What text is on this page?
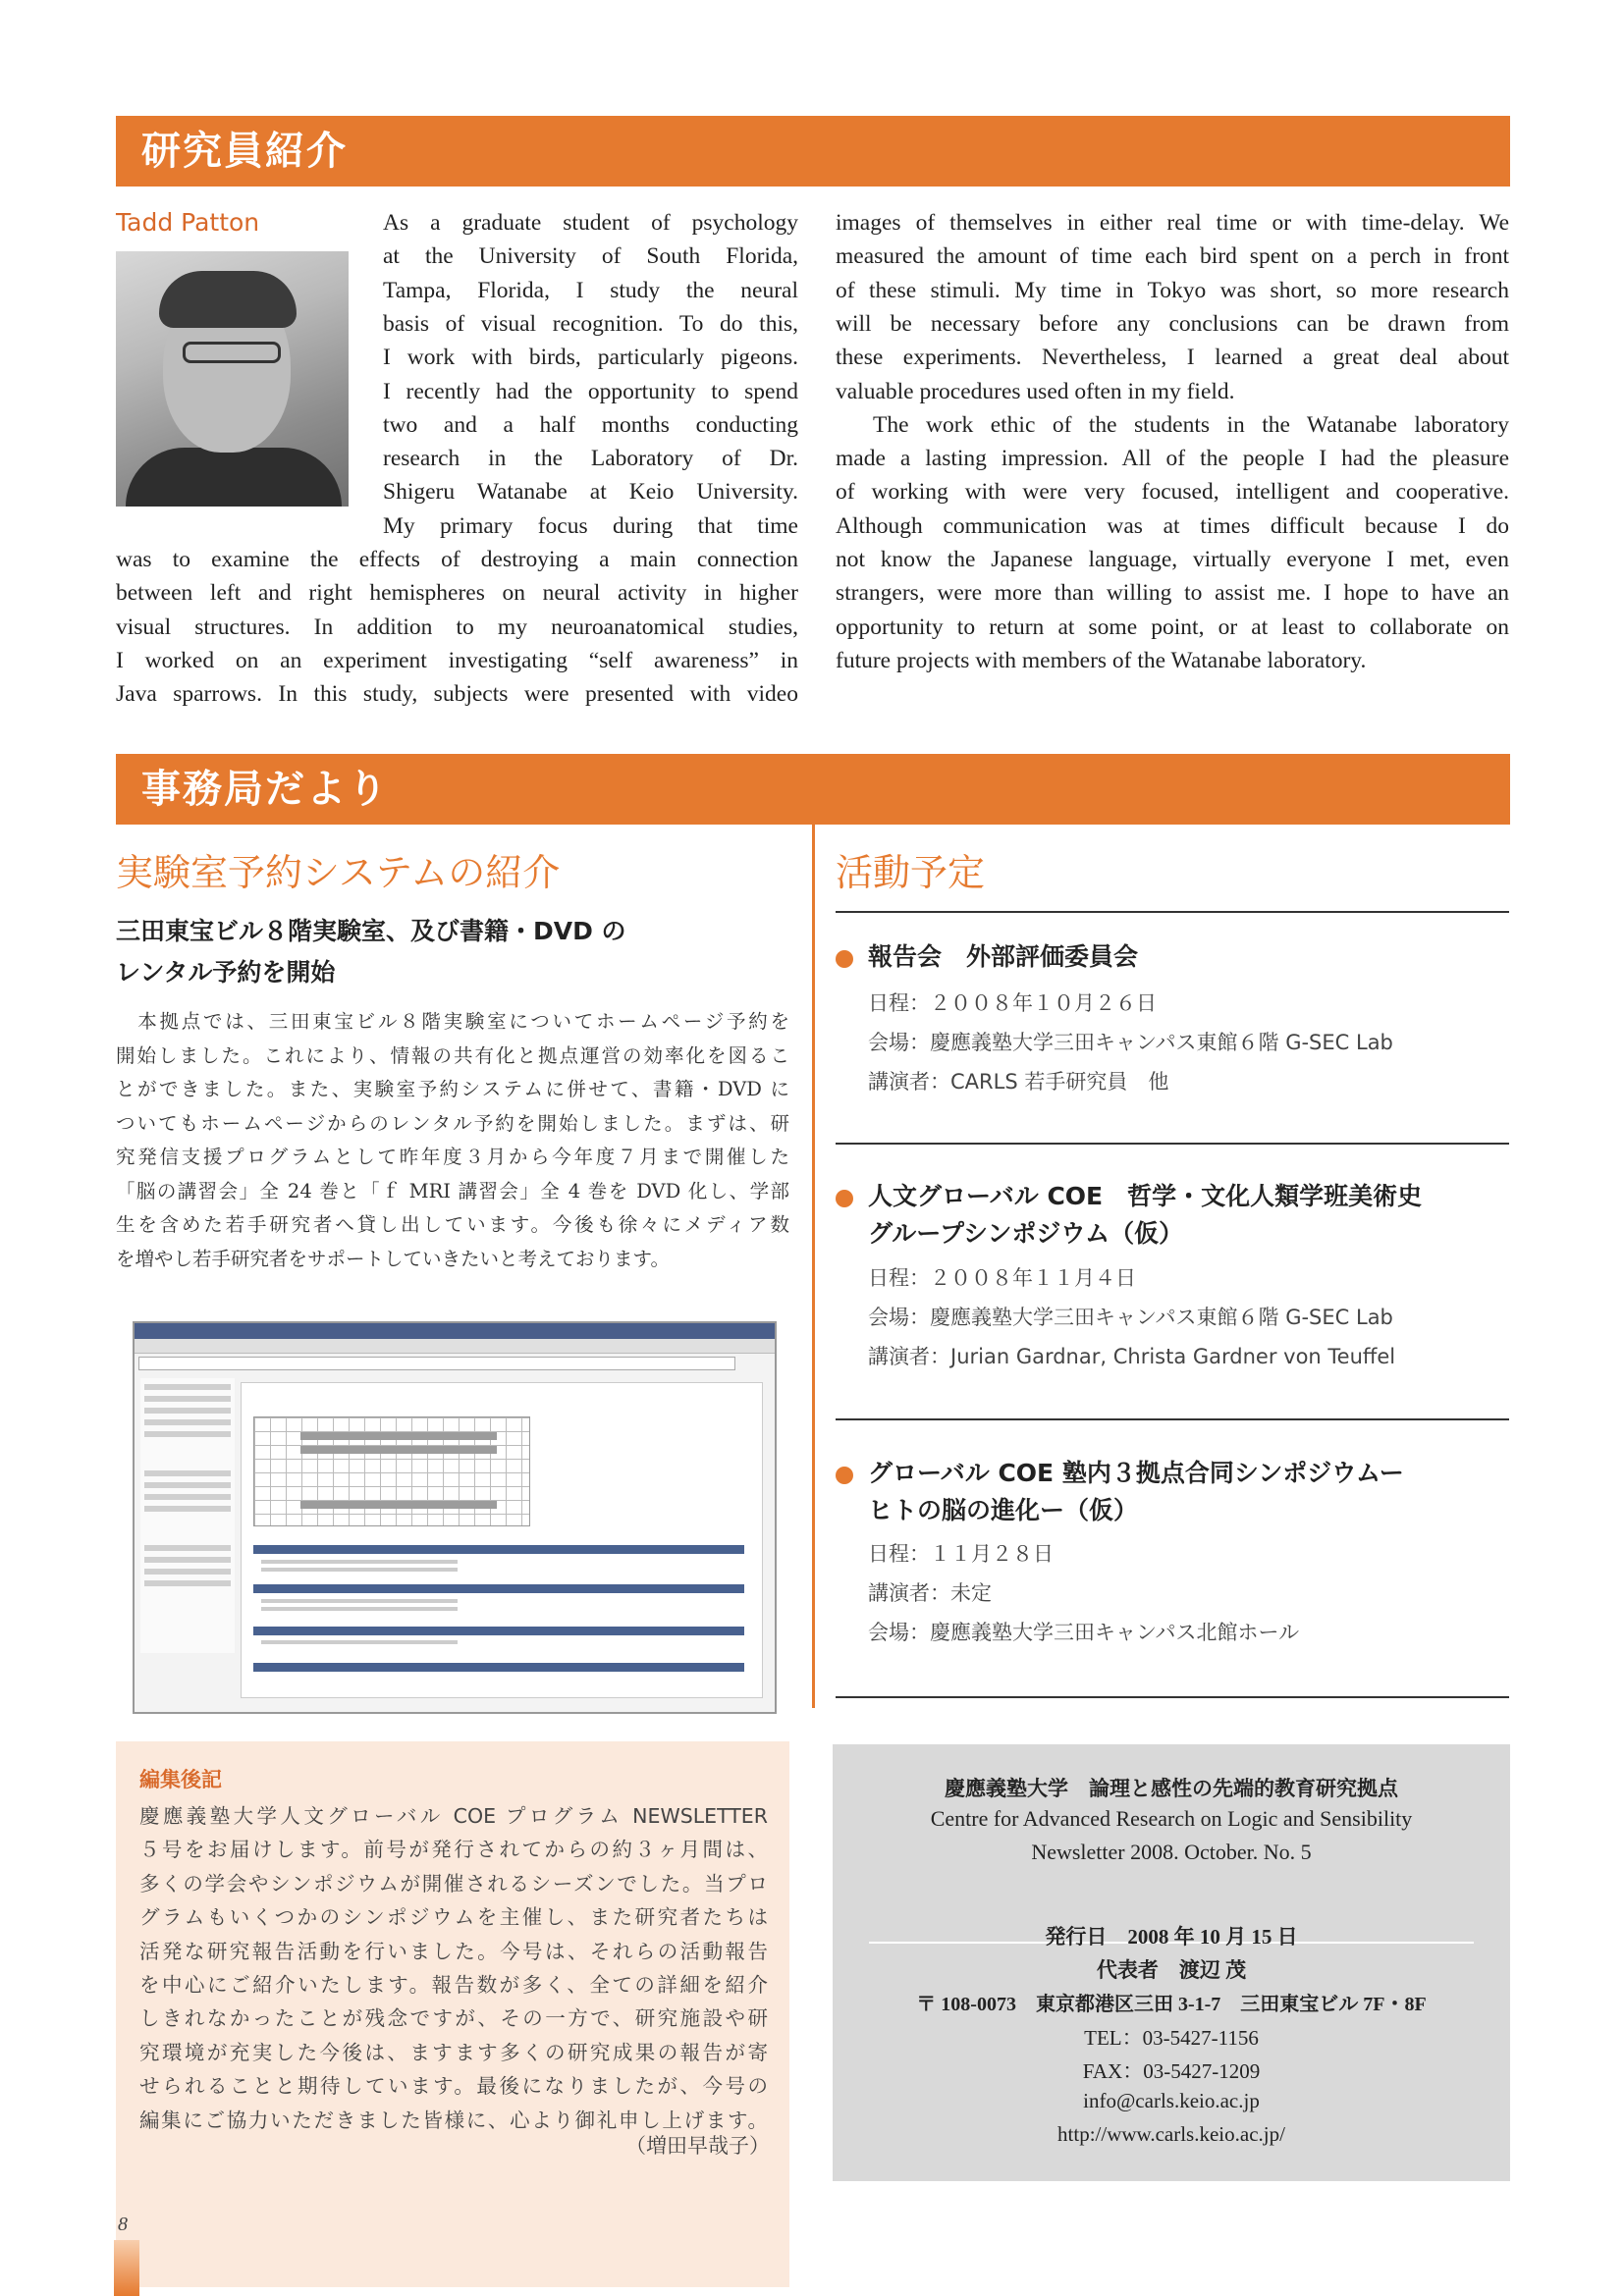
研究員紹介
Tadd Patton	As a graduate student of psychology
at the University of South Florida,
Tampa, Florida, I study the neural
basis of visual recognition. To do this,
I work with birds, particularly pigeons.
I recently had the opportunity to spend
two and a half months conducting
research in the Laboratory of Dr.
Shigeru Watanabe at Keio University.
My primary focus during that time
was to examine the effects of destroying a main connection
between left and right hemispheres on neural activity in higher
visual structures. In addition to my neuroanatomical studies,
I worked on an experiment investigating “self awareness” in
Java sparrows. In this study, subjects were presented with video
images of themselves in either real time or with time-delay. We
measured the amount of time each bird spent on a perch in front
of these stimuli. My time in Tokyo was short, so more research
will be necessary before any conclusions can be drawn from
these experiments. Nevertheless, I learned a great deal about
valuable procedures used often in my field.
The work ethic of the students in the Watanabe laboratory
made a lasting impression. All of the people I had the pleasure
of working with were very focused, intelligent and cooperative.
Although communication was at times difficult because I do
not know the Japanese language, virtually everyone I met, even
strangers, were more than willing to assist me. I hope to have an
opportunity to return at some point, or at least to collaborate on
future projects with members of the Watanabe laboratory.
事務局だより
実験室予約システムの紹介
三田東宝ビル８階実験室、及び書籍・DVD の
レンタル予約を開始
　本拠点では、三田東宝ビル８階実験室についてホームページ予約を
開始しました。これにより、情報の共有化と拠点運営の効率化を図るこ
とができました。また、実験室予約システムに併せて、書籍・DVD に
ついてもホームページからのレンタル予約を開始しました。まずは、研
究発信支援プログラムとして昨年度３月から今年度７月まで開催した
「脳の講習会」全 24 巻と「ｆ MRI 講習会」全 4 巻を DVD 化し、学部
生を含めた若手研究者へ貸し出しています。今後も徐々にメディア数
を増やし若手研究者をサポートしていきたいと考えております。
活動予定
報告会　外部評価委員会
日程：２００８年１０月２６日
会場：慶應義塾大学三田キャンパス東館６階 G-SEC Lab
講演者：CARLS 若手研究員　他
人文グローバル COE　哲学・文化人類学班美術史
グループシンポジウム（仮）
日程：２００８年１１月４日
会場：慶應義塾大学三田キャンパス東館６階 G-SEC Lab
講演者：Jurian Gardnar, Christa Gardner von Teuffel
グローバル COE 塾内３拠点合同シンポジウムー
ヒトの脳の進化ー（仮）
日程：１１月２８日
講演者：未定
会場：慶應義塾大学三田キャンパス北館ホール
編集後記
慶應義塾大学人文グローバル COE プログラム NEWSLETTER
５号をお届けします。前号が発行されてからの約３ヶ月間は、
多くの学会やシンポジウムが開催されるシーズンでした。当プロ
グラムもいくつかのシンポジウムを主催し、また研究者たちは
活発な研究報告活動を行いました。今号は、それらの活動報告
を中心にご紹介いたします。報告数が多く、全ての詳細を紹介
しきれなかったことが残念ですが、その一方で、研究施設や研
究環境が充実した今後は、ますます多くの研究成果の報告が寄
せられることと期待しています。最後になりましたが、今号の
編集にご協力いただきました皆様に、心より御礼申し上げます。
（増田早哉子）
慶應義塾大学　論理と感性の先端的教育研究拠点
Centre for Advanced Research on Logic and Sensibility
Newsletter 2008. October. No. 5
発行日　2008 年 10 月 15 日
代表者　渡辺 茂
〒 108-0073　東京都港区三田 3-1-7　三田東宝ビル 7F・8F
TEL：03-5427-1156
FAX：03-5427-1209
info@carls.keio.ac.jp
http://www.carls.keio.ac.jp/
8
